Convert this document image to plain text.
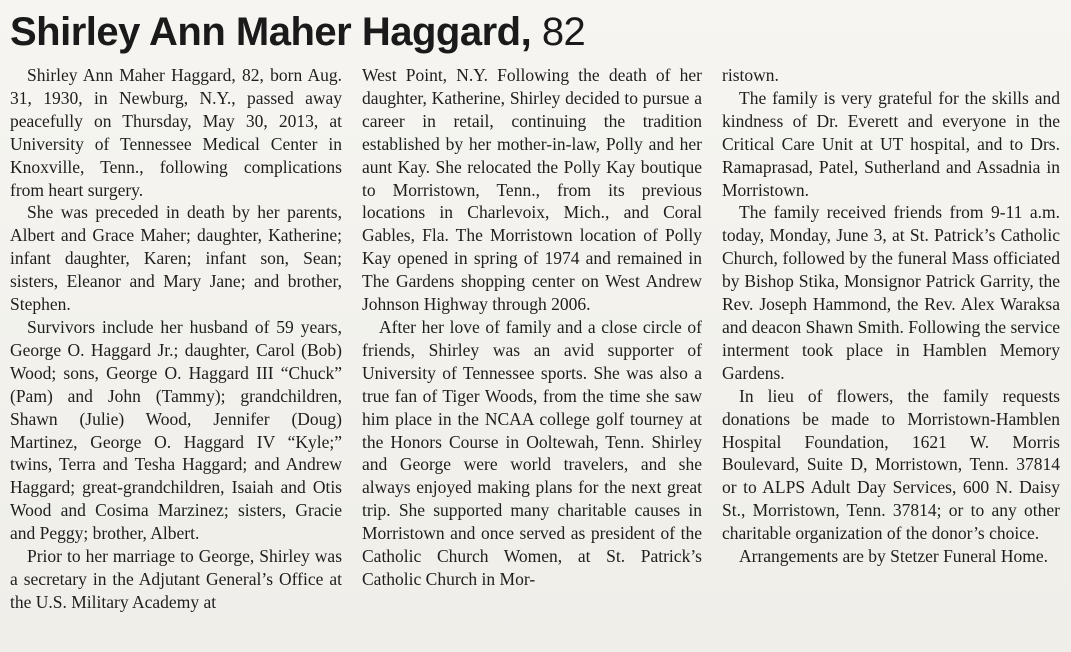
Shirley Ann Maher Haggard, 82

Shirley Ann Maher Haggard, 82, born Aug. 31, 1930, in Newburg, N.Y., passed away peacefully on Thursday, May 30, 2013, at University of Tennessee Medical Center in Knoxville, Tenn., following complications from heart surgery.

She was preceded in death by her parents, Albert and Grace Maher; daughter, Katherine; infant daughter, Karen; infant son, Sean; sisters, Eleanor and Mary Jane; and brother, Stephen.

Survivors include her husband of 59 years, George O. Haggard Jr.; daughter, Carol (Bob) Wood; sons, George O. Haggard III “Chuck” (Pam) and John (Tammy); grandchildren, Shawn (Julie) Wood, Jennifer (Doug) Martinez, George O. Haggard IV “Kyle;” twins, Terra and Tesha Haggard; and Andrew Haggard; great-grandchildren, Isaiah and Otis Wood and Cosima Marzinez; sisters, Gracie and Peggy; brother, Albert.

Prior to her marriage to George, Shirley was a secretary in the Adjutant General’s Office at the U.S. Military Academy at

West Point, N.Y. Following the death of her daughter, Katherine, Shirley decided to pursue a career in retail, continuing the tradition established by her mother-in-law, Polly and her aunt Kay. She relocated the Polly Kay boutique to Morristown, Tenn., from its previous locations in Charlevoix, Mich., and Coral Gables, Fla. The Morristown location of Polly Kay opened in spring of 1974 and remained in The Gardens shopping center on West Andrew Johnson Highway through 2006.

After her love of family and a close circle of friends, Shirley was an avid supporter of University of Tennessee sports. She was also a true fan of Tiger Woods, from the time she saw him place in the NCAA college golf tourney at the Honors Course in Ooltewah, Tenn. Shirley and George were world travelers, and she always enjoyed making plans for the next great trip. She supported many charitable causes in Morristown and once served as president of the Catholic Church Women, at St. Patrick’s Catholic Church in Mor-

ristown.

The family is very grateful for the skills and kindness of Dr. Everett and everyone in the Critical Care Unit at UT hospital, and to Drs. Ramaprasad, Patel, Sutherland and Assadnia in Morristown.

The family received friends from 9-11 a.m. today, Monday, June 3, at St. Patrick’s Catholic Church, followed by the funeral Mass officiated by Bishop Stika, Monsignor Patrick Garrity, the Rev. Joseph Hammond, the Rev. Alex Waraksa and deacon Shawn Smith. Following the service interment took place in Hamblen Memory Gardens.

In lieu of flowers, the family requests donations be made to Morristown-Hamblen Hospital Foundation, 1621 W. Morris Boulevard, Suite D, Morristown, Tenn. 37814 or to ALPS Adult Day Services, 600 N. Daisy St., Morristown, Tenn. 37814; or to any other charitable organization of the donor’s choice.

Arrangements are by Stetzer Funeral Home.
